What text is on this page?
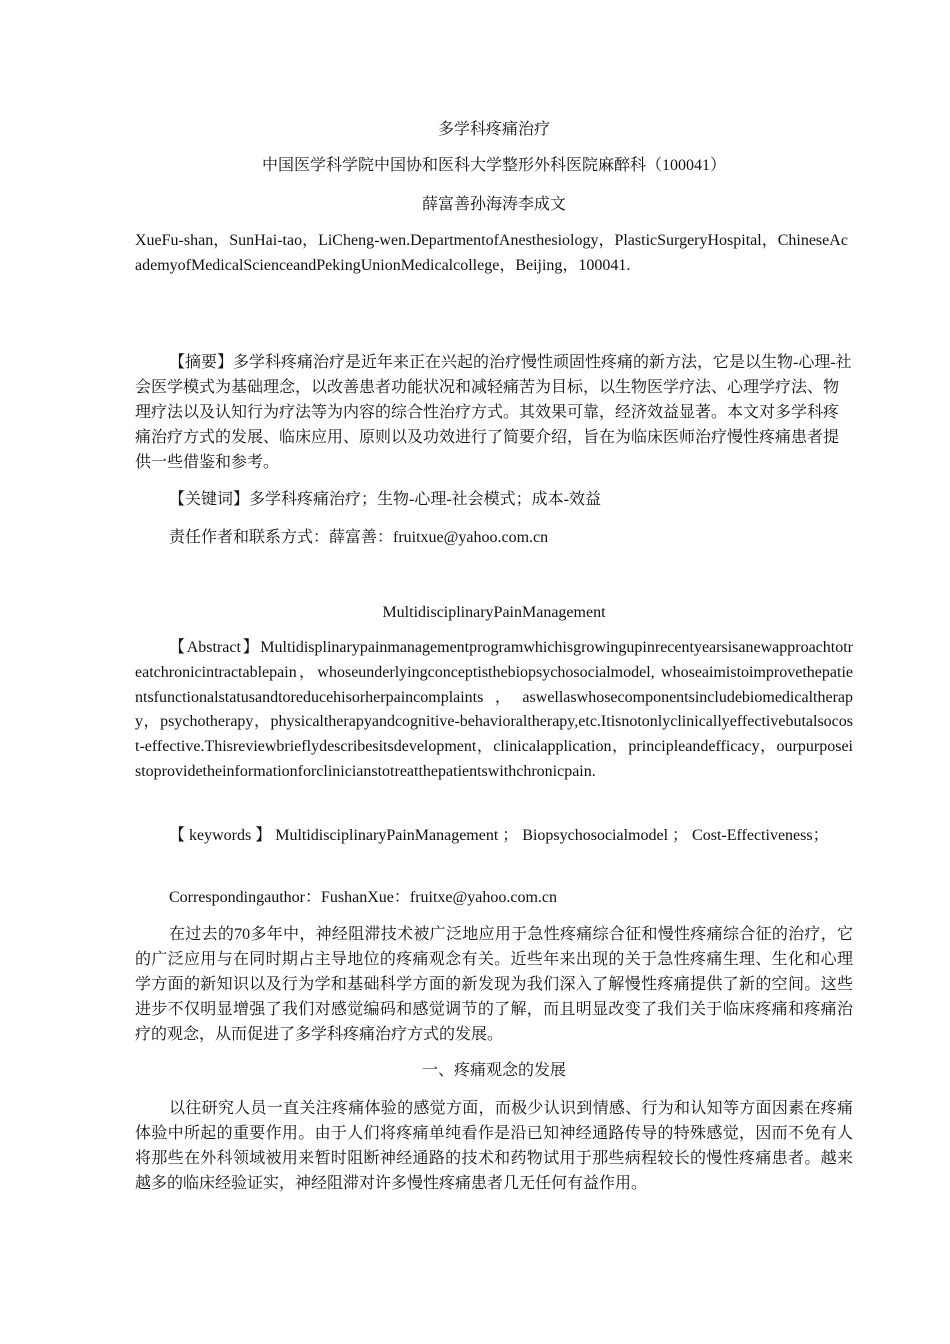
多学科疼痛治疗

中国医学科学院中国协和医科大学整形外科医院麻醉科（100041）

薛富善孙海涛李成文

XueFu-shan，SunHai-tao，LiCheng-wen.DepartmentofAnesthesiology，PlasticSurgeryHospital，ChineseAcademyofMedicalScienceandPekingUnionMedicalcollege，Beijing，100041.

【摘要】多学科疼痛治疗是近年来正在兴起的治疗慢性顽固性疼痛的新方法，它是以生物-心理-社会医学模式为基础理念，以改善患者功能状况和减轻痛苦为目标，以生物医学疗法、心理学疗法、物理疗法以及认知行为疗法等为内容的综合性治疗方式。其效果可靠，经济效益显著。本文对多学科疼痛治疗方式的发展、临床应用、原则以及功效进行了简要介绍，旨在为临床医师治疗慢性疼痛患者提供一些借鉴和参考。

【关键词】多学科疼痛治疗；生物-心理-社会模式；成本-效益

责任作者和联系方式：薛富善：fruitxue@yahoo.com.cn

MultidisciplinaryPainManagement

【Abstract】Multidisplinarypainmanagementprogramwhichisgrowingupinrecentyearsisanewapproachtotreatchronicintractablepain，whoseunderlyingconceptisthebiopsychosocialmodel, whoseaimistoimprovethepatientsfunctionalstatusandtoreducehisorherpaincomplaints，aswellaswhosecomponentsincludebiomedicaltherapy，psychotherapy，physicaltherapyandcognitive-behavioraltherapy,etc.Itisnotonlyclinicallyeffectivebutalsocost-effective.Thisreviewbrieflydescribesitsdevelopment，clinicalapplication，principleandefficacy，ourpurposeistoprovidetheinformationforclinicianstotreatthepatientswithchronicpain.

【 keywords 】 MultidisciplinaryPainManagement ； Biopsychosocialmodel ； Cost-Effectiveness；

Correspondingauthor：FushanXue：fruitxe@yahoo.com.cn

在过去的70多年中，神经阻滞技术被广泛地应用于急性疼痛综合征和慢性疼痛综合征的治疗，它的广泛应用与在同时期占主导地位的疼痛观念有关。近些年来出现的关于急性疼痛生理、生化和心理学方面的新知识以及行为学和基础科学方面的新发现为我们深入了解慢性疼痛提供了新的空间。这些进步不仅明显增强了我们对感觉编码和感觉调节的了解，而且明显改变了我们关于临床疼痛和疼痛治疗的观念，从而促进了多学科疼痛治疗方式的发展。

一、疼痛观念的发展

以往研究人员一直关注疼痛体验的感觉方面，而极少认识到情感、行为和认知等方面因素在疼痛体验中所起的重要作用。由于人们将疼痛单纯看作是沿已知神经通路传导的特殊感觉，因而不免有人将那些在外科领域被用来暂时阻断神经通路的技术和药物试用于那些病程较长的慢性疼痛患者。越来越多的临床经验证实，神经阻滞对许多慢性疼痛患者几无任何有益作用。
